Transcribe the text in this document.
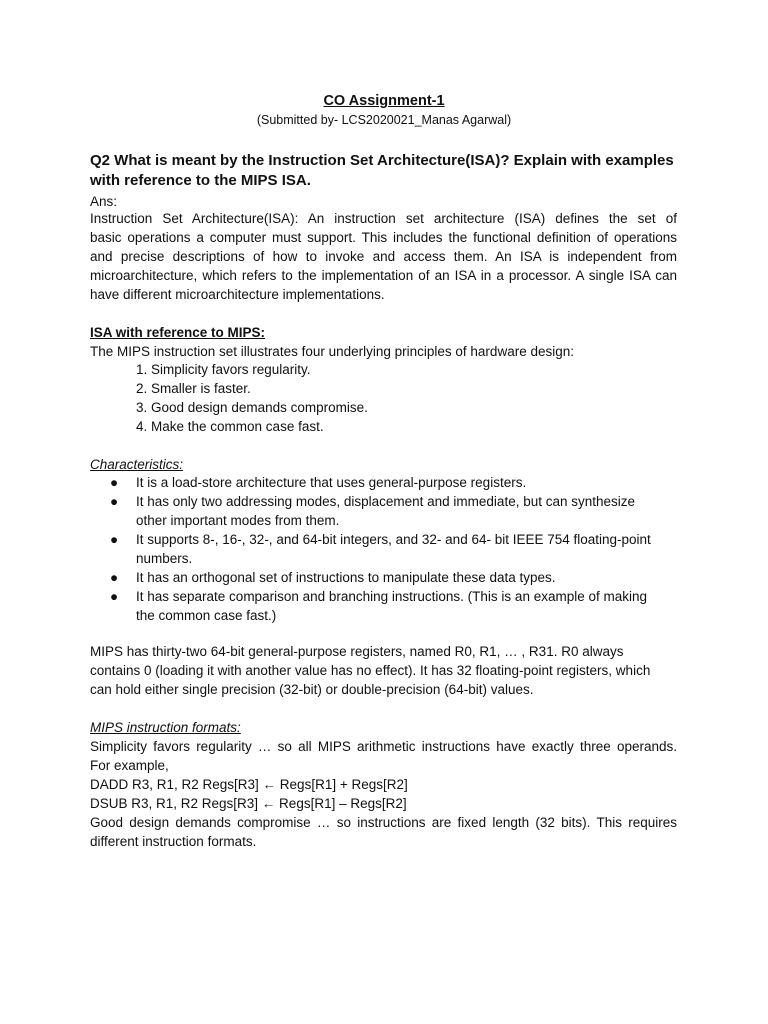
CO Assignment-1
(Submitted by- LCS2020021_Manas Agarwal)
Q2 What is meant by the Instruction Set Architecture(ISA)? Explain with examples with reference to the MIPS ISA.
Ans:
Instruction Set Architecture(ISA): An instruction set architecture (ISA) defines the set of
basic operations a computer must support. This includes the functional definition of operations
and precise descriptions of how to invoke and access them. An ISA is independent from
microarchitecture, which refers to the implementation of an ISA in a processor. A single ISA can
have different microarchitecture implementations.
ISA with reference to MIPS:
The MIPS instruction set illustrates four underlying principles of hardware design:
1. Simplicity favors regularity.
2. Smaller is faster.
3. Good design demands compromise.
4. Make the common case fast.
Characteristics:
● It is a load-store architecture that uses general-purpose registers.
● It has only two addressing modes, displacement and immediate, but can synthesize
other important modes from them.
● It supports 8-, 16-, 32-, and 64-bit integers, and 32- and 64- bit IEEE 754 floating-point
numbers.
● It has an orthogonal set of instructions to manipulate these data types.
● It has separate comparison and branching instructions. (This is an example of making
the common case fast.)
MIPS has thirty-two 64-bit general-purpose registers, named R0, R1, … , R31. R0 always
contains 0 (loading it with another value has no effect). It has 32 floating-point registers, which
can hold either single precision (32-bit) or double-precision (64-bit) values.
MIPS instruction formats:
Simplicity favors regularity … so all MIPS arithmetic instructions have exactly three operands.
For example,
DADD R3, R1, R2 Regs[R3] ← Regs[R1] + Regs[R2]
DSUB R3, R1, R2 Regs[R3] ← Regs[R1] – Regs[R2]
Good design demands compromise … so instructions are fixed length (32 bits). This requires
different instruction formats.
